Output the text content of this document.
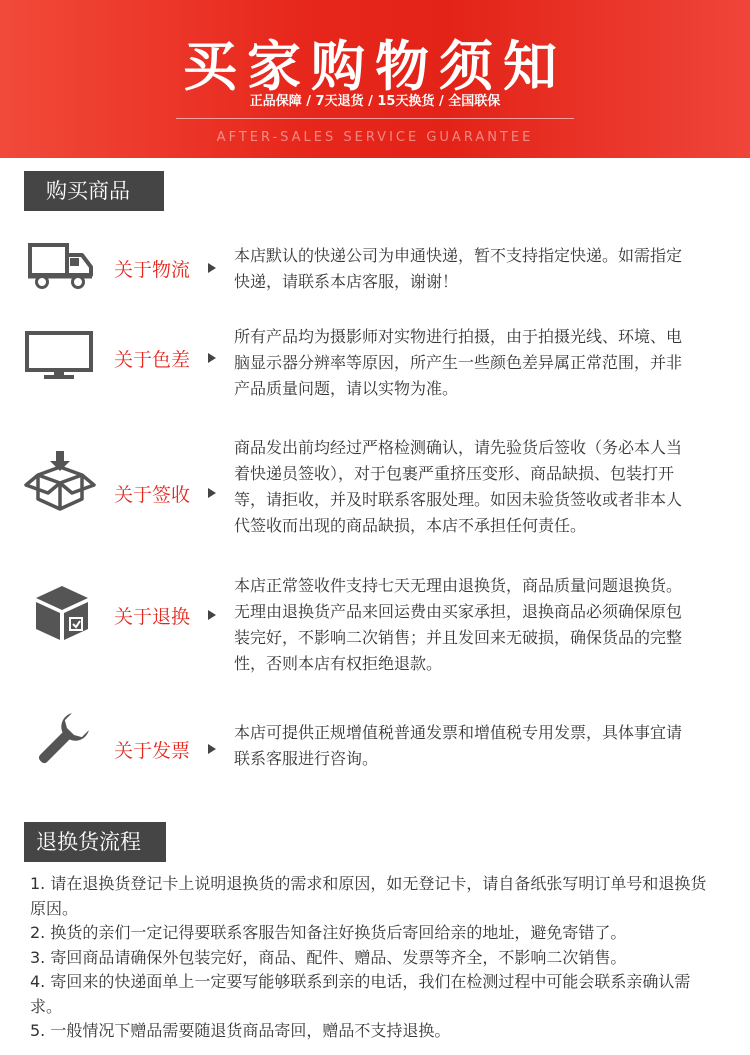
买家购物须知
正品保障 / 7天退货 / 15天换货 / 全国联保
AFTER-SALES SERVICE GUARANTEE
购买商品
关于物流
本店默认的快递公司为申通快递，暂不支持指定快递。如需指定快递，请联系本店客服，谢谢！
关于色差
所有产品均为摄影师对实物进行拍摄，由于拍摄光线、环境、电脑显示器分辨率等原因，所产生一些颜色差异属正常范围，并非产品质量问题，请以实物为准。
关于签收
商品发出前均经过严格检测确认，请先验货后签收（务必本人当着快递员签收），对于包裹严重挤压变形、商品缺损、包装打开等，请拒收，并及时联系客服处理。如因未验货签收或者非本人代签收而出现的商品缺损，本店不承担任何责任。
关于退换
本店正常签收件支持七天无理由退换货，商品质量问题退换货。无理由退换货产品来回运费由买家承担，退换商品必须确保原包装完好，不影响二次销售；并且发回来无破损，确保货品的完整性，否则本店有权拒绝退款。
关于发票
本店可提供正规增值税普通发票和增值税专用发票，具体事宜请联系客服进行咨询。
退换货流程
1. 请在退换货登记卡上说明退换货的需求和原因，如无登记卡，请自备纸张写明订单号和退换货原因。
2. 换货的亲们一定记得要联系客服告知备注好换货后寄回给亲的地址，避免寄错了。
3. 寄回商品请确保外包装完好，商品、配件、赠品、发票等齐全，不影响二次销售。
4. 寄回来的快递面单上一定要写能够联系到亲的电话，我们在检测过程中可能会联系亲确认需求。
5. 一般情况下赠品需要随退货商品寄回，赠品不支持退换。
